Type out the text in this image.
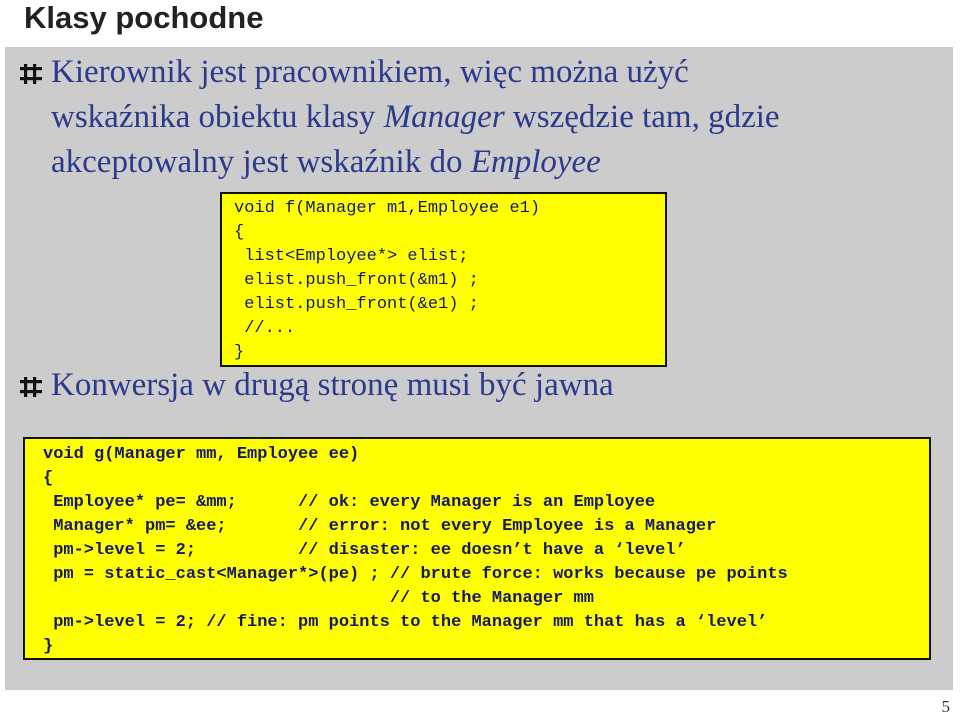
Klasy pochodne
Kierownik jest pracownikiem, więc można użyć
wskaźnika obiektu klasy Manager wszędzie tam, gdzie
akceptowalny jest wskaźnik do Employee
void f(Manager m1,Employee e1)
{
list<Employee*> elist;
elist.push_front(&m1) ;
elist.push_front(&e1) ;
//...
}
Konwersja w drugą stronę musi być jawna
void g(Manager mm, Employee ee)
{
Employee* pe= &mm;      // ok: every Manager is an Employee
Manager* pm= &ee;       // error: not every Employee is a Manager
pm->level = 2;          // disaster: ee doesn’t have a ‘level’
pm = static_cast<Manager*>(pe) ; // brute force: works because pe points
// to the Manager mm
pm->level = 2; // fine: pm points to the Manager mm that has a ‘level’
}
5
